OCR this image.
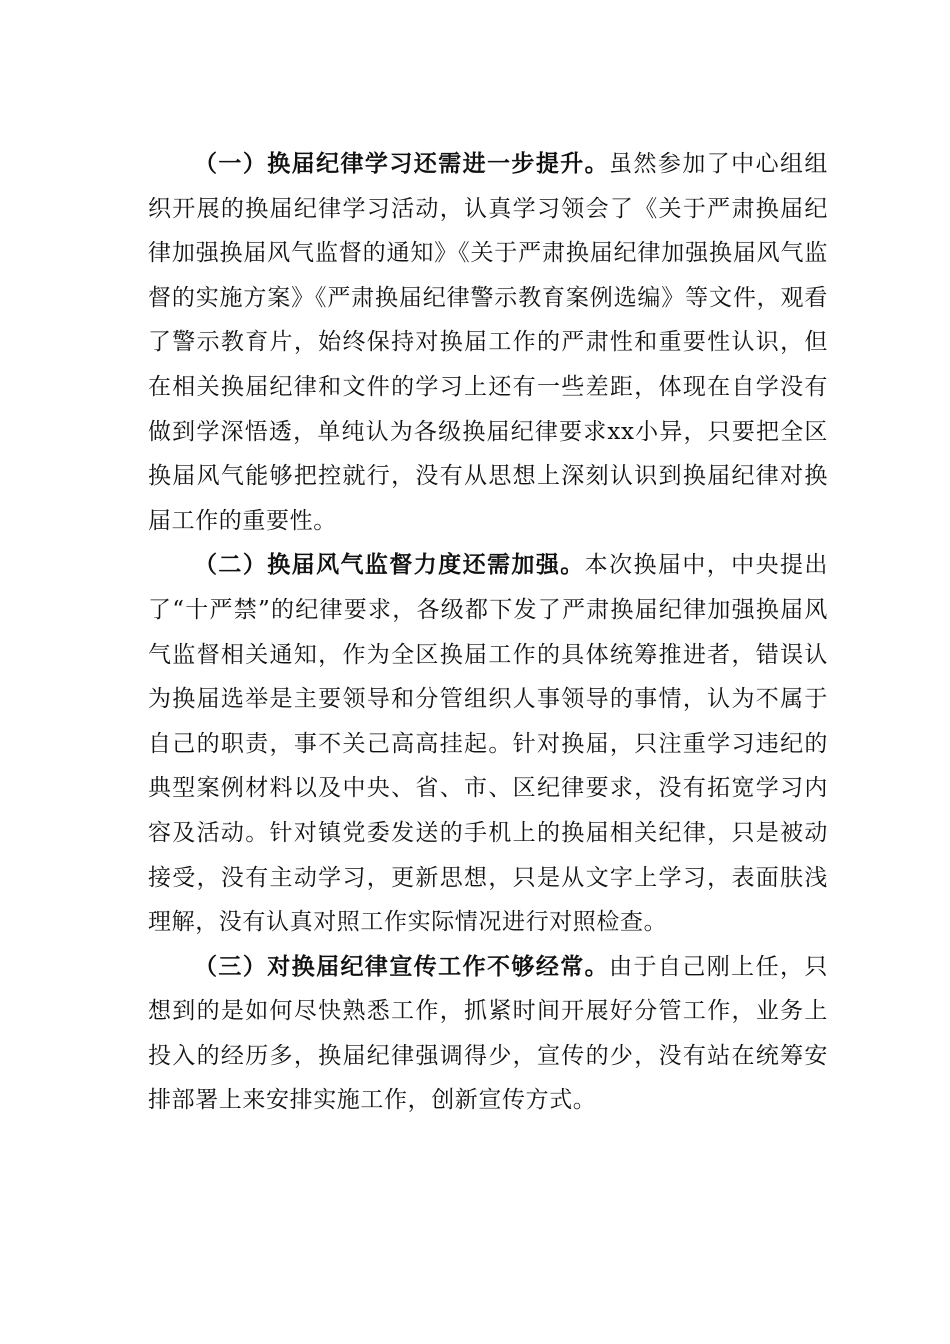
（一）换届纪律学习还需进一步提升。虽然参加了中心组组织开展的换届纪律学习活动，认真学习领会了《关于严肃换届纪律加强换届风气监督的通知》《关于严肃换届纪律加强换届风气监督的实施方案》《严肃换届纪律警示教育案例选编》等文件，观看了警示教育片，始终保持对换届工作的严肃性和重要性认识，但在相关换届纪律和文件的学习上还有一些差距，体现在自学没有做到学深悟透，单纯认为各级换届纪律要求xx小异，只要把全区换届风气能够把控就行，没有从思想上深刻认识到换届纪律对换届工作的重要性。

（二）换届风气监督力度还需加强。本次换届中，中央提出了“十严禁”的纪律要求，各级都下发了严肃换届纪律加强换届风气监督相关通知，作为全区换届工作的具体统筹推进者，错误认为换届选举是主要领导和分管组织人事领导的事情，认为不属于自己的职责，事不关己高高挂起。针对换届，只注重学习违纪的典型案例材料以及中央、省、市、区纪律要求，没有拓宽学习内容及活动。针对镇党委发送的手机上的换届相关纪律，只是被动接受，没有主动学习，更新思想，只是从文字上学习，表面肤浅理解，没有认真对照工作实际情况进行对照检查。

（三）对换届纪律宣传工作不够经常。由于自己刚上任，只想到的是如何尽快熟悉工作，抓紧时间开展好分管工作，业务上投入的经历多，换届纪律强调得少，宣传的少，没有站在统筹安排部署上来安排实施工作，创新宣传方式。
